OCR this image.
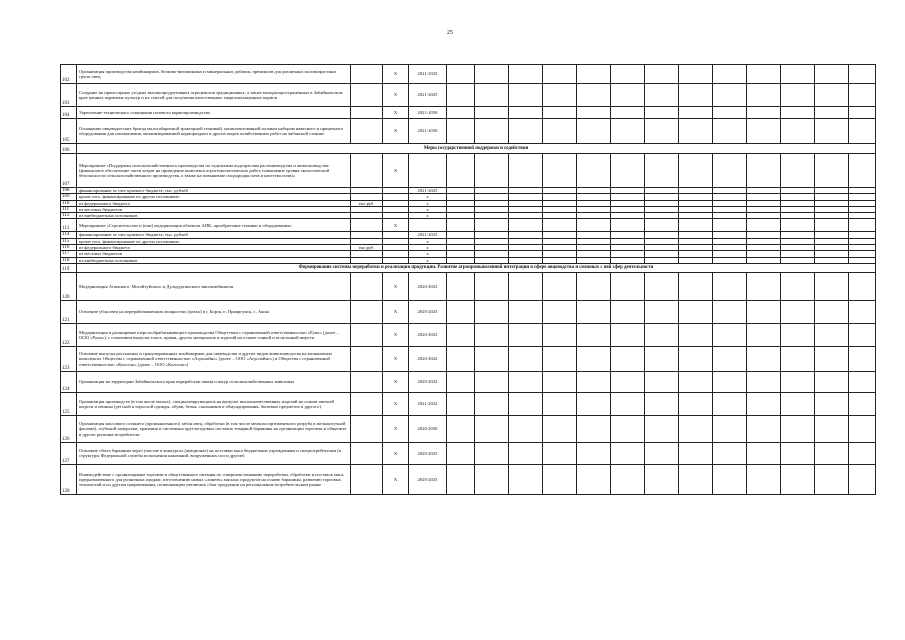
25
102	Организация производства комбикормов, белково-витаминных и минеральных добавок, премиксов для различных половозрастных групп овец		Х	2021-2025													
103	Создание на прииссарных угодьях высокопродуктивных агроценозов традиционных, а также малораспространенных в Забайкальском крае ценных кормовых культур и их смесей для получения качественных энергонасыщенных кормов		Х	2021-2025													
104	Укрепление технического оснащения полевого кормопроизводства		Х	2021-2030													
105	Оснащение овцеводческих бригад малогабаритной тракторной техникой, укомплектованной полным набором навесного и прицепного оборудования для сенокошения, механизированной кормораздачи и других видов хозяйственных работ на чабанской стоянке		Х	2021-2030													
106	Меры государственной поддержки и содействия																
107	Мероприятие «Поддержка сельскохозяйственного производства по отдельным подотраслям растениеводства и животноводства (финансовое обеспечение части затрат на проведение комплекса агротехнологических работ, повышение уровня экологической безопасности сельскохозяйственного производства, а также на повышение плодородия почв и качества почв)»		Х														
108	финансирование за счет краевого бюджета, тыс. рублей			2021-2025													
109	кроме того, финансирование из других источников:			х													
110	из федерального бюджета	тыс.руб.		х													
111	из местных бюджетов			х													
112	из внебюджетных источников			х													
113	Мероприятие «Строительство и (или) модернизация объектов АПК, приобретение техники и оборудования»		Х														
114	финансирование за счет краевого бюджета, тыс. рублей			2021-2025													
115	кроме того, финансирование из других источников:			х													
116	из федерального бюджета	тыс.руб.		х													
117	из местных бюджетов			х													
118	из внебюджетных источников			х													
119	Формирование системы переработки и реализации продукции. Развитие агропромышленной интеграции в сфере овцеводства и смежных с ней сфер деятельности																
120	Модернизация Агинского, Могойтуйского и Дульдургинского мясокомбинатов		Х	2020-2023													
121	Освоение убоя овец на перерабатывающих мощностях (цехах) в г. Борзя, п. Приаргунск, с. Акша		Х	2020-2023													
122	Модернизация и расширение шерстообрабатывающего производства Обществом с ограниченной ответственностью «Руно» (далее – ООО «Руно»), с освоением выпуска топса, пряжи, других материалов и изделий на основе тонкой и полутонкой шерсти		Х	2020-2023													
123	Освоение выпуска рассыпных и гранулированных комбикормов для овцеводства и других видов животноводства на мельничных комплексах Общества с ограниченной ответственностью «Агролайнс» (далее – ООО «Агролайнс») и Общества с ограниченной ответственностью «Колосок» (далее – ООО «Колосок»)		Х	2020-2022													
124	Организация на территории Забайкальского края переработки овчин и шкур сельскохозяйственных животных		Х	2020-2022													
125	Организация производств (в том числе малых), специализирующихся на выпуске высококачественных изделий на основе овечьей шерсти и овчины (детской и взрослой одежды, обуви, белья, спальников и обмундирования, бытовых предметов и другого)		Х	2021-2022													
126	Организация массового осеннего (промышленного) забоя овец, обработки (в том числе мелкоассортиментного разруба в мелкоштучной фасовке), глубокой заморозки, хранения и системных круглогодовых поставок товарной баранины на организации торговли и общепита в другие регионы-потребители		Х	2020-2030													
127	Освоение сбыта баранины через участие в конкурсах (аукционах) на поставки мяса бюджетным учреждениям и спецпотребителям (в структуры Федеральной службы исполнения наказаний, вооруженных сил и другие)		Х	2020-2025													
128	Взаимодействие с организациями торговли и общественного питания по совершенствованию переработки, обработки и поставок мяса, предназначенного для розничных продаж; изготовлению новых «линеек» мясных продуктов на основе баранины, развитию торговых технологий и по другим направлениям, позволяющим увеличить сбыт продукции на региональном потребительском рынке		Х	2020-2025													
